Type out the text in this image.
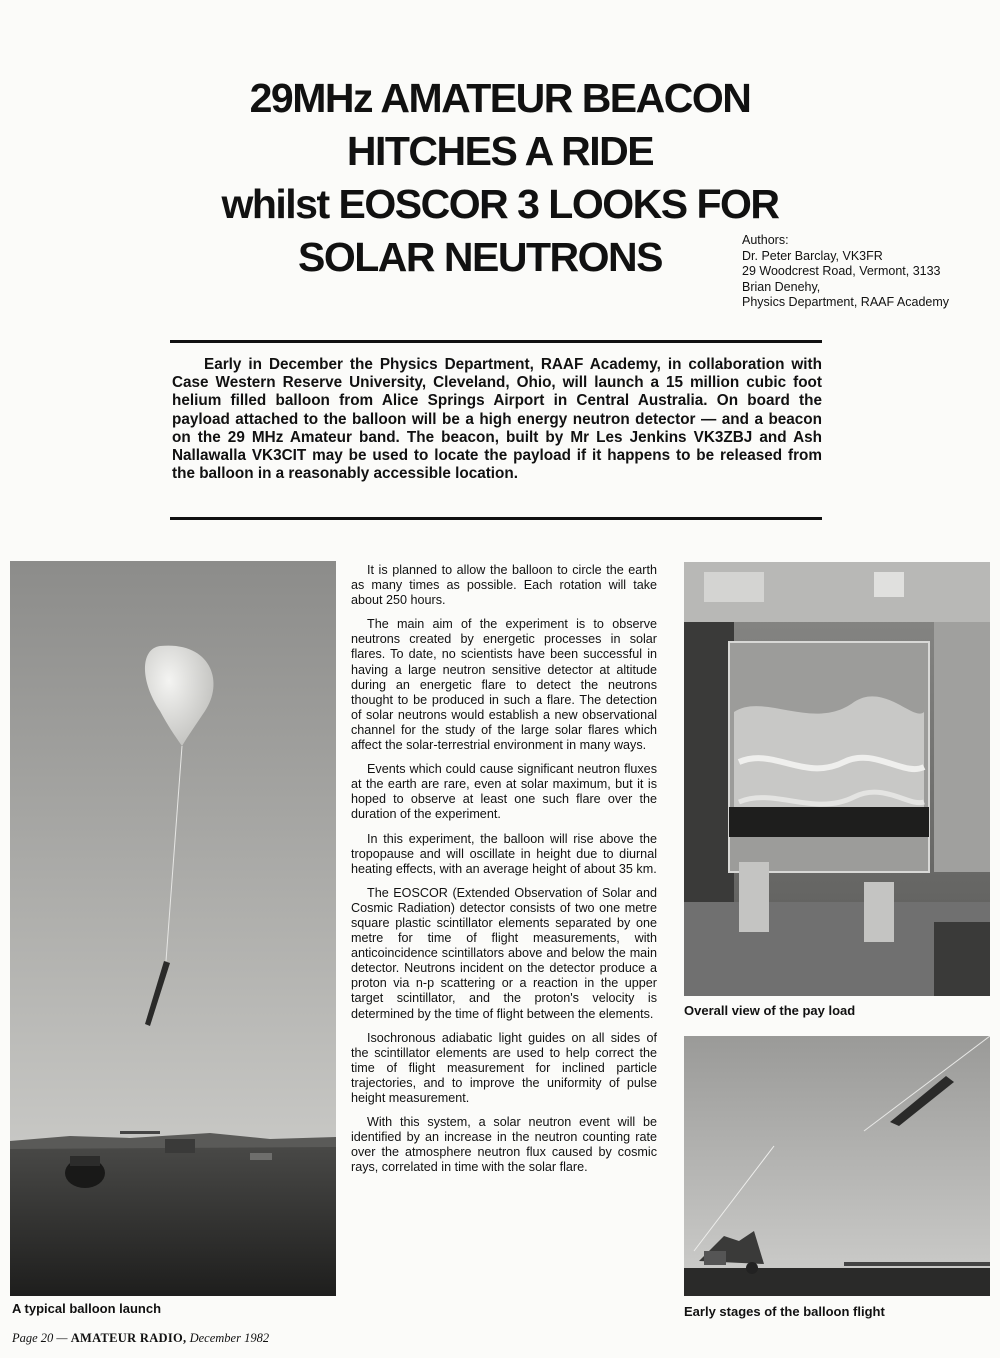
29MHz AMATEUR BEACON
HITCHES A RIDE
whilst EOSCOR 3 LOOKS FOR
SOLAR NEUTRONS	Authors:
Dr. Peter Barclay, VK3FR
29 Woodcrest Road, Vermont, 3133
Brian Denehy,
Physics Department, RAAF Academy

Early in December the Physics Department, RAAF Academy, in collaboration with Case Western Reserve University, Cleveland, Ohio, will launch a 15 million cubic foot helium filled balloon from Alice Springs Airport in Central Australia. On board the payload attached to the balloon will be a high energy neutron detector — and a beacon on the 29 MHz Amateur band. The beacon, built by Mr Les Jenkins VK3ZBJ and Ash Nallawalla VK3CIT may be used to locate the payload if it happens to be released from the balloon in a reasonably accessible location.

A typical balloon launch

It is planned to allow the balloon to circle the earth as many times as possible. Each rotation will take about 250 hours.

The main aim of the experiment is to observe neutrons created by energetic processes in solar flares. To date, no scientists have been successful in having a large neutron sensitive detector at altitude during an energetic flare to detect the neutrons thought to be produced in such a flare. The detection of solar neutrons would establish a new observational channel for the study of the large solar flares which affect the solar-terrestrial environment in many ways.

Events which could cause significant neutron fluxes at the earth are rare, even at solar maximum, but it is hoped to observe at least one such flare over the duration of the experiment.

In this experiment, the balloon will rise above the tropopause and will oscillate in height due to diurnal heating effects, with an average height of about 35 km.

The EOSCOR (Extended Observation of Solar and Cosmic Radiation) detector consists of two one metre square plastic scintillator elements separated by one metre for time of flight measurements, with anticoincidence scintillators above and below the main detector. Neutrons incident on the detector produce a proton via n-p scattering or a reaction in the upper target scintillator, and the proton's velocity is determined by the time of flight between the elements.

Isochronous adiabatic light guides on all sides of the scintillator elements are used to help correct the time of flight measurement for inclined particle trajectories, and to improve the uniformity of pulse height measurement.

With this system, a solar neutron event will be identified by an increase in the neutron counting rate over the atmosphere neutron flux caused by cosmic rays, correlated in time with the solar flare.

Overall view of the pay load
Early stages of the balloon flight
Page 20 — AMATEUR RADIO, December 1982
